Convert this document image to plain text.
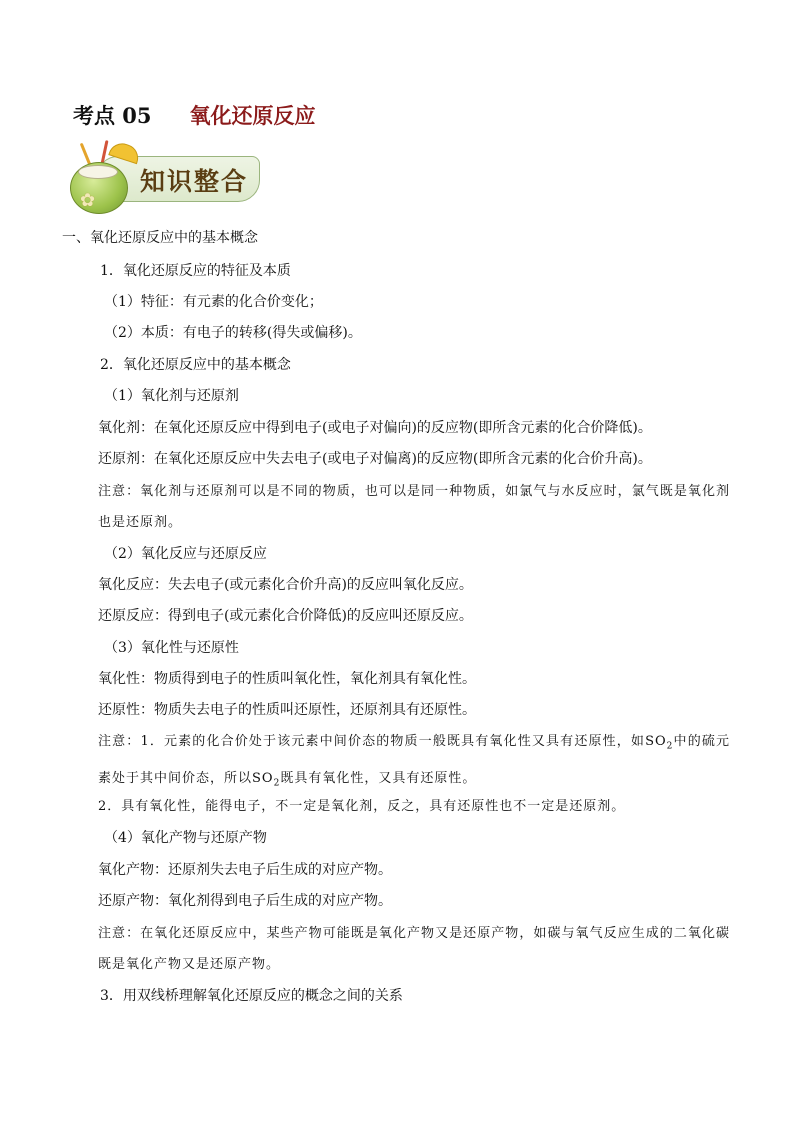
考点 05 氧化还原反应
✿
知识整合
一、氧化还原反应中的基本概念
1．氧化还原反应的特征及本质
（1）特征：有元素的化合价变化；
（2）本质：有电子的转移(得失或偏移)。
2．氧化还原反应中的基本概念
（1）氧化剂与还原剂
氧化剂：在氧化还原反应中得到电子(或电子对偏向)的反应物(即所含元素的化合价降低)。
还原剂：在氧化还原反应中失去电子(或电子对偏离)的反应物(即所含元素的化合价升高)。
注意：氧化剂与还原剂可以是不同的物质，也可以是同一种物质，如氯气与水反应时，氯气既是氧化剂也是还原剂。
（2）氧化反应与还原反应
氧化反应：失去电子(或元素化合价升高)的反应叫氧化反应。
还原反应：得到电子(或元素化合价降低)的反应叫还原反应。
（3）氧化性与还原性
氧化性：物质得到电子的性质叫氧化性，氧化剂具有氧化性。
还原性：物质失去电子的性质叫还原性，还原剂具有还原性。
注意：1．元素的化合价处于该元素中间价态的物质一般既具有氧化性又具有还原性，如$SO_2$中的硫元素处于其中间价态，所以$SO_2$既具有氧化性，又具有还原性。
2．具有氧化性，能得电子，不一定是氧化剂，反之，具有还原性也不一定是还原剂。
（4）氧化产物与还原产物
氧化产物：还原剂失去电子后生成的对应产物。
还原产物：氧化剂得到电子后生成的对应产物。
注意：在氧化还原反应中，某些产物可能既是氧化产物又是还原产物，如碳与氧气反应生成的二氧化碳既是氧化产物又是还原产物。
3．用双线桥理解氧化还原反应的概念之间的关系
